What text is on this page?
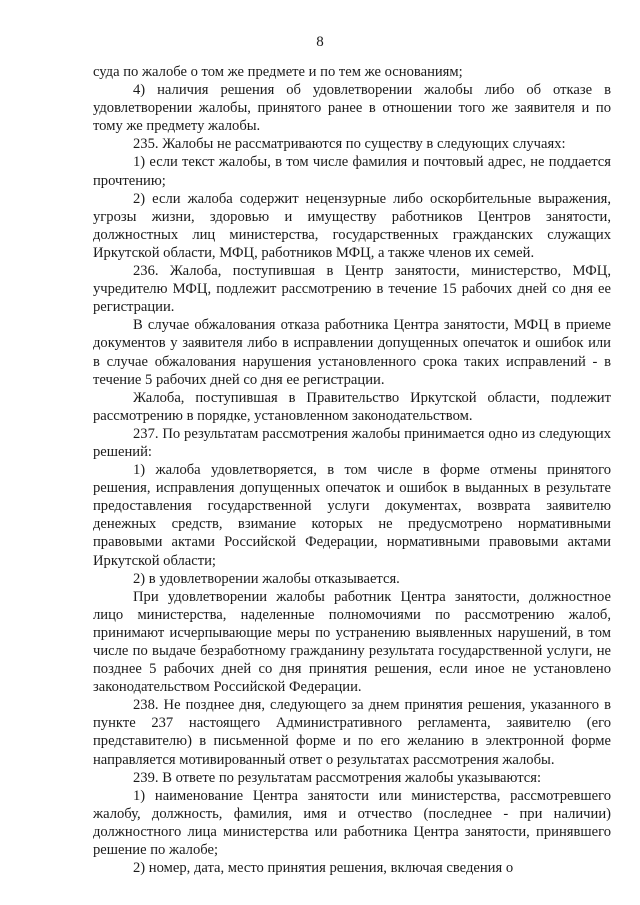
8

суда по жалобе о том же предмете и по тем же основаниям;

4) наличия решения об удовлетворении жалобы либо об отказе в удовлетворении жалобы, принятого ранее в отношении того же заявителя и по тому же предмету жалобы.

235. Жалобы не рассматриваются по существу в следующих случаях:

1) если текст жалобы, в том числе фамилия и почтовый адрес, не поддается прочтению;

2) если жалоба содержит нецензурные либо оскорбительные выражения, угрозы жизни, здоровью и имуществу работников Центров занятости, должностных лиц министерства, государственных гражданских служащих Иркутской области, МФЦ, работников МФЦ, а также членов их семей.

236. Жалоба, поступившая в Центр занятости, министерство, МФЦ, учредителю МФЦ, подлежит рассмотрению в течение 15 рабочих дней со дня ее регистрации.

В случае обжалования отказа работника Центра занятости, МФЦ в приеме документов у заявителя либо в исправлении допущенных опечаток и ошибок или в случае обжалования нарушения установленного срока таких исправлений - в течение 5 рабочих дней со дня ее регистрации.

Жалоба, поступившая в Правительство Иркутской области, подлежит рассмотрению в порядке, установленном законодательством.

237. По результатам рассмотрения жалобы принимается одно из следующих решений:

1) жалоба удовлетворяется, в том числе в форме отмены принятого решения, исправления допущенных опечаток и ошибок в выданных в результате предоставления государственной услуги документах, возврата заявителю денежных средств, взимание которых не предусмотрено нормативными правовыми актами Российской Федерации, нормативными правовыми актами Иркутской области;

2) в удовлетворении жалобы отказывается.

При удовлетворении жалобы работник Центра занятости, должностное лицо министерства, наделенные полномочиями по рассмотрению жалоб, принимают исчерпывающие меры по устранению выявленных нарушений, в том числе по выдаче безработному гражданину результата государственной услуги, не позднее 5 рабочих дней со дня принятия решения, если иное не установлено законодательством Российской Федерации.

238. Не позднее дня, следующего за днем принятия решения, указанного в пункте 237 настоящего Административного регламента, заявителю (его представителю) в письменной форме и по его желанию в электронной форме направляется мотивированный ответ о результатах рассмотрения жалобы.

239. В ответе по результатам рассмотрения жалобы указываются:

1) наименование Центра занятости или министерства, рассмотревшего жалобу, должность, фамилия, имя и отчество (последнее - при наличии) должностного лица министерства или работника Центра занятости, принявшего решение по жалобе;

2) номер, дата, место принятия решения, включая сведения о
